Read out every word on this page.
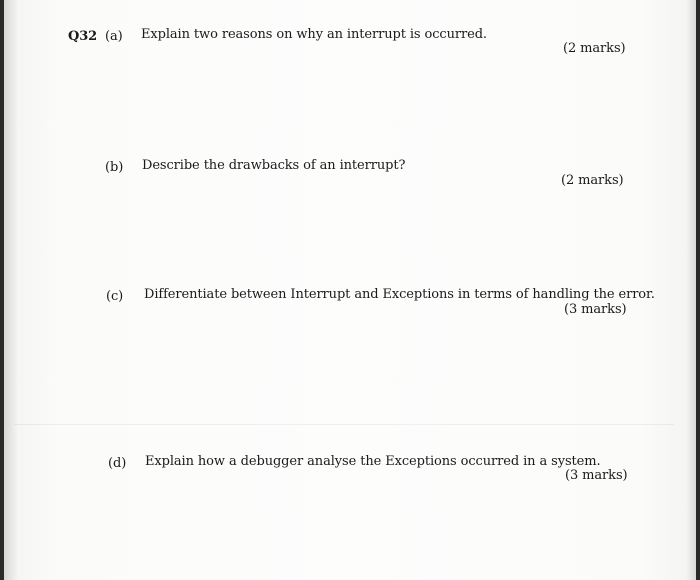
Q32 (a) Explain two reasons on why an interrupt is occurred.
(2 marks)
(b) Describe the drawbacks of an interrupt?
(2 marks)
(c) Differentiate between Interrupt and Exceptions in terms of handling the error.
(3 marks)
(d) Explain how a debugger analyse the Exceptions occurred in a system.
(3 marks)
